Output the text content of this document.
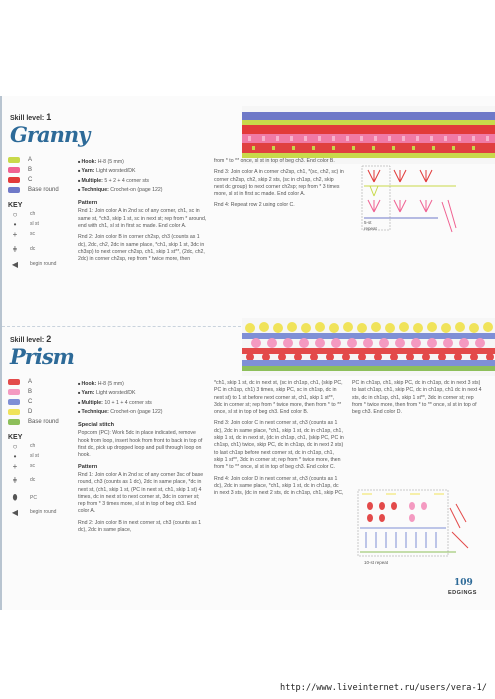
Skill level: 1
Granny
A
B
C
Base round
KEY
○	ch
•	sl st
+	sc
ǂ	dc
◀	begin round
■ Hook: H-8 (5 mm)
■ Yarn: Light worsted/DK
■ Multiple: 5 + 2 + 4 corner sts
■ Technique: Crochet-on (page 122)
Pattern

Rnd 1: Join color A in 2nd sc of any corner, ch1, sc in same st, *ch3, skip 1 st, sc in next st; rep from * around, end with ch1, sl st in first sc made. End color A.

Rnd 2: Join color B in corner ch2sp, ch3 (counts as 1 dc), 2dc, ch2, 2dc in same place, *ch1, skip 1 st, 3dc in ch3sp) to next corner ch2sp, ch1, skip 1 st**, (2dc, ch2, 2dc) in corner ch2sp, rep from * twice more, then

from * to ** once, sl st in top of beg ch3. End color B.

Rnd 3: Join color A in corner ch2sp, ch1, *(sc, ch2, sc) in corner ch2sp, ch2, skip 2 sts, (sc in ch1sp, ch2, skip next dc group) to next corner ch2sp; rep from * 3 times more, sl st in first sc made. End color A.

Rnd 4: Repeat row 2 using color C.

5-st
repeat
Skill level: 2
Prism
A
B
C
D
Base round
KEY
○	ch
•	sl st
+	sc
ǂ	dc
⬮	PC
◀	begin round
■ Hook: H-8 (5 mm)
■ Yarn: Light worsted/DK
■ Multiple: 10 + 1 + 4 corner sts
■ Technique: Crochet-on (page 122)
Special stitch

Popcorn (PC): Work 5dc in place indicated, remove hook from loop, insert hook from front to back in top of first dc, pick up dropped loop and pull through loop on hook.

Pattern

Rnd 1: Join color A in 2nd sc of any corner 3sc of base round, ch3 (counts as 1 dc), 2dc in same place, *dc in next st, (ch1, skip 1 st, (PC in next st, ch1, skip 1 st) 4 times, dc in next st to next corner st, 3dc in corner st; rep from * 3 times more, sl st in top of beg ch3. End color A.

Rnd 2: Join color B in next corner st, ch3 (counts as 1 dc), 2dc in same place,

*ch1, skip 1 st, dc in next st, (sc in ch1sp, ch1, (skip PC, PC in ch1sp, ch1) 3 times, skip PC, sc in ch1sp, dc in next st) to 1 st before next corner st, ch1, skip 1 st**, 3dc in corner st; rep from * twice more, then from * to ** once, sl st in top of beg ch3. End color B.

Rnd 3: Join color C in next corner st, ch3 (counts as 1 dc), 2dc in same place, *ch1, skip 1 st, dc in ch1sp, ch1, skip 1 st, dc in next st, (dc in ch1sp, ch1, (skip PC, PC in ch1sp, ch1) twice, skip PC, dc in ch1sp, dc in next 2 sts) to last ch1sp before next corner st, dc in ch1sp, ch1, skip 1 st**, 3dc in corner st; rep from * twice more, then from * to ** once, sl st in top of beg ch3. End color C.

Rnd 4: Join color D in next corner st, ch3 (counts as 1 dc), 2dc in same place, *ch1, skip 1 st, dc in ch1sp, dc in next 3 sts, (dc in next 2 sts, dc in ch1sp, ch1, skip PC,

PC in ch1sp, ch1, skip PC, dc in ch1sp, dc in next 3 sts) to last ch1sp, ch1, skip PC, dc in ch1sp, ch1 dc in next 4 sts, dc in ch1sp, ch1, skip 1 st**, 3dc in corner st; rep from * twice more, then from * to ** once, sl st in top of beg ch3. End color D.

10-st repeat
109
EDGINGS
http://www.liveinternet.ru/users/vera-1/
